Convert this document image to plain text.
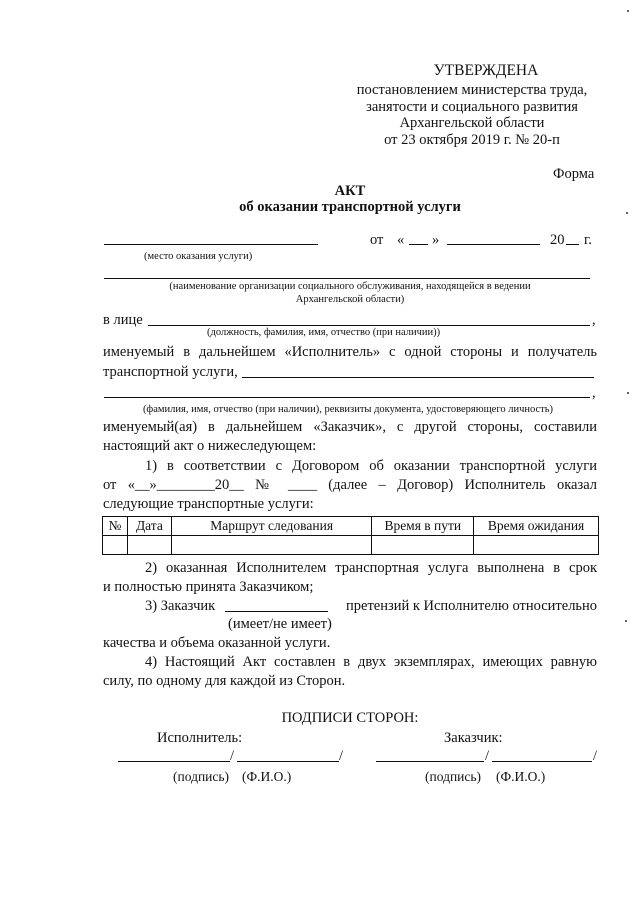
УТВЕРЖДЕНА
постановлением министерства труда,
занятости и социального развития
Архангельской области
от 23 октября 2019 г. № 20-п
Форма
АКТ
об оказании транспортной услуги
от « »	20 г.
(место оказания услуги)
(наименование организации социального обслуживания, находящейся в ведении
Архангельской области)
в лице	,
(должность, фамилия, имя, отчество (при наличии))
именуемый в дальнейшем «Исполнитель» с одной стороны и получатель
транспортной услуги,
,
(фамилия, имя, отчество (при наличии), реквизиты документа, удостоверяющего личность)
именуемый(ая) в дальнейшем «Заказчик», с другой стороны, составили
настоящий акт о нижеследующем:
1) в соответствии с Договором об оказании транспортной услуги
от «__»________20__ № ____ (далее – Договор) Исполнитель оказал
следующие транспортные услуги:
№	Дата	Маршрут следования	Время в пути	Время ожидания

2) оказанная Исполнителем транспортная услуга выполнена в срок
и полностью принята Заказчиком;
3) Заказчик	претензий к Исполнителю относительно
(имеет/не имеет)
качества и объема оказанной услуги.
4) Настоящий Акт составлен в двух экземплярах, имеющих равную
силу, по одному для каждой из Сторон.
ПОДПИСИ СТОРОН:
Исполнитель:	Заказчик:
/	/	/	/
(подпись) (Ф.И.О.)	(подпись) (Ф.И.О.)
